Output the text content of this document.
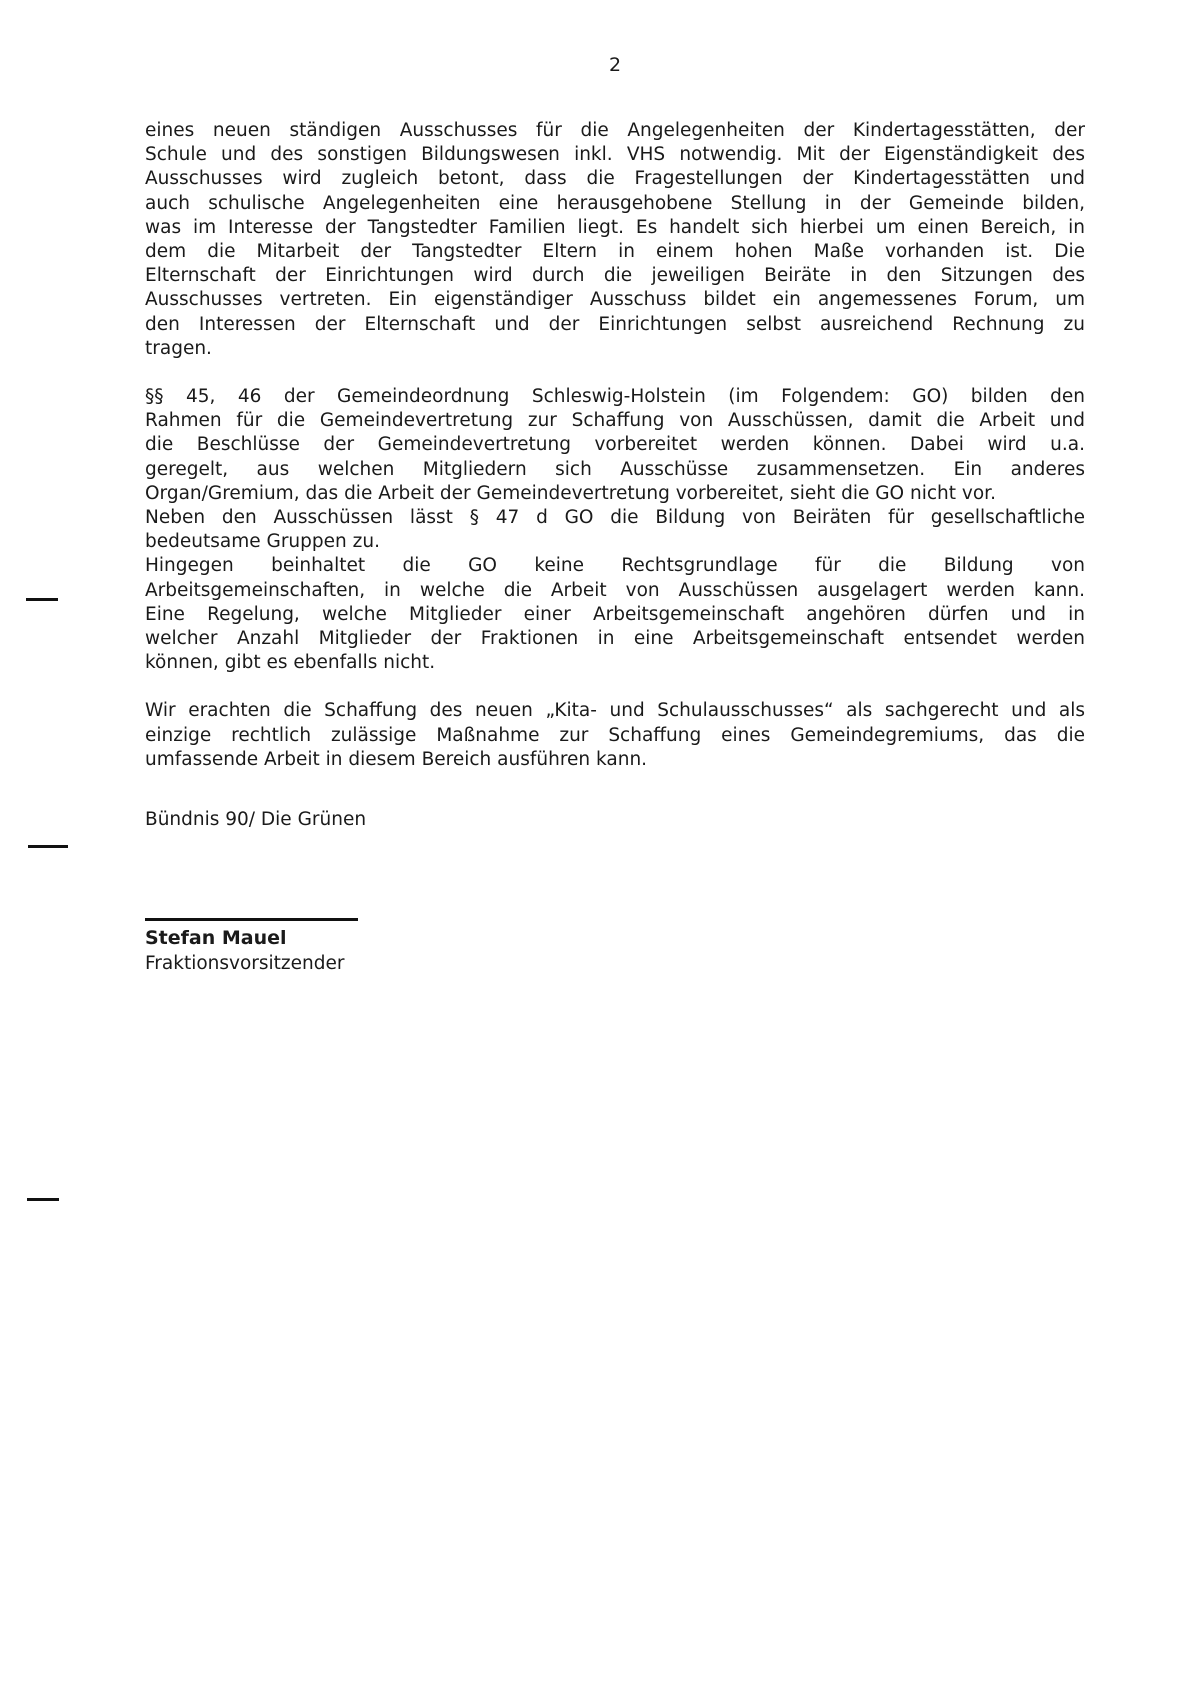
2
eines neuen ständigen Ausschusses für die Angelegenheiten der Kindertagesstätten, der
Schule und des sonstigen Bildungswesen inkl. VHS notwendig. Mit der Eigenständigkeit des
Ausschusses wird zugleich betont, dass die Fragestellungen der Kindertagesstätten und
auch schulische Angelegenheiten eine herausgehobene Stellung in der Gemeinde bilden,
was im Interesse der Tangstedter Familien liegt. Es handelt sich hierbei um einen Bereich, in
dem die Mitarbeit der Tangstedter Eltern in einem hohen Maße vorhanden ist. Die
Elternschaft der Einrichtungen wird durch die jeweiligen Beiräte in den Sitzungen des
Ausschusses vertreten. Ein eigenständiger Ausschuss bildet ein angemessenes Forum, um
den Interessen der Elternschaft und der Einrichtungen selbst ausreichend Rechnung zu
tragen.
§§ 45, 46 der Gemeindeordnung Schleswig-Holstein (im Folgendem: GO) bilden den
Rahmen für die Gemeindevertretung zur Schaffung von Ausschüssen, damit die Arbeit und
die Beschlüsse der Gemeindevertretung vorbereitet werden können. Dabei wird u.a.
geregelt, aus welchen Mitgliedern sich Ausschüsse zusammensetzen. Ein anderes
Organ/Gremium, das die Arbeit der Gemeindevertretung vorbereitet, sieht die GO nicht vor.
Neben den Ausschüssen lässt § 47 d GO die Bildung von Beiräten für gesellschaftliche
bedeutsame Gruppen zu.
Hingegen beinhaltet die GO keine Rechtsgrundlage für die Bildung von
Arbeitsgemeinschaften, in welche die Arbeit von Ausschüssen ausgelagert werden kann.
Eine Regelung, welche Mitglieder einer Arbeitsgemeinschaft angehören dürfen und in
welcher Anzahl Mitglieder der Fraktionen in eine Arbeitsgemeinschaft entsendet werden
können, gibt es ebenfalls nicht.
Wir erachten die Schaffung des neuen „Kita- und Schulausschusses“ als sachgerecht und als
einzige rechtlich zulässige Maßnahme zur Schaffung eines Gemeindegremiums, das die
umfassende Arbeit in diesem Bereich ausführen kann.
Bündnis 90/ Die Grünen
Stefan Mauel
Fraktionsvorsitzender
